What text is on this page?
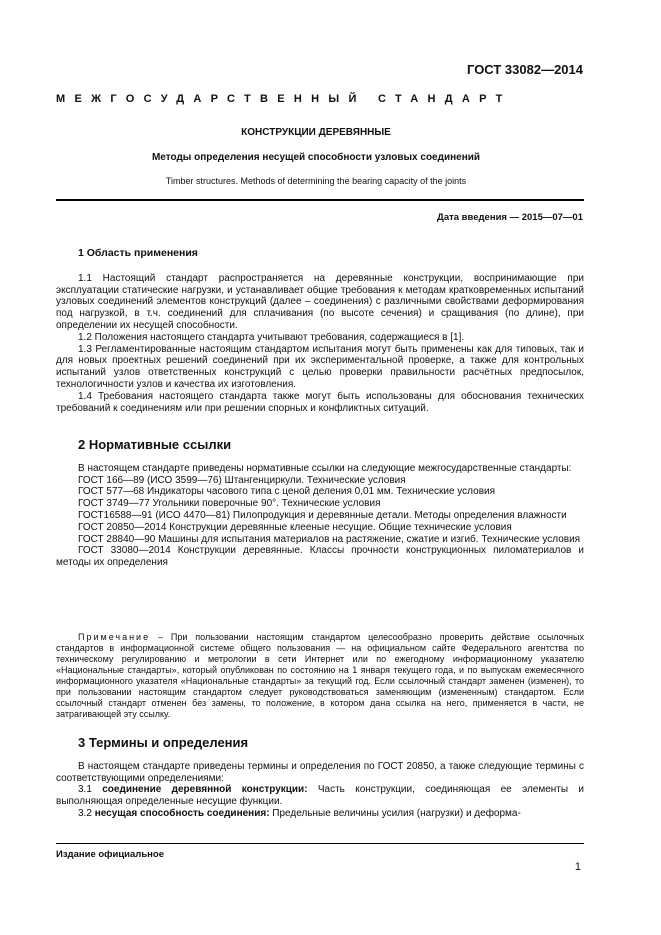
ГОСТ 33082—2014
МЕЖГОСУДАРСТВЕННЫЙ СТАНДАРТ
КОНСТРУКЦИИ ДЕРЕВЯННЫЕ
Методы определения несущей способности узловых соединений
Timber structures. Methods of determining the bearing capacity of the joints
Дата введения — 2015—07—01
1 Область применения

1.1 Настоящий стандарт распространяется на деревянные конструкции, воспринимающие при эксплуатации статические нагрузки, и устанавливает общие требования к методам кратковременных испытаний узловых соединений элементов конструкций (далее – соединения) с различными свойствами деформирования под нагрузкой, в т.ч. соединений для сплачивания (по высоте сечения) и сращивания (по длине), при определении их несущей способности.

1.2 Положения настоящего стандарта учитывают требования, содержащиеся в [1].

1.3 Регламентированные настоящим стандартом испытания могут быть применены как для типовых, так и для новых проектных решений соединений при их экспериментальной проверке, а также для контрольных испытаний узлов ответственных конструкций с целью проверки правильности расчётных предпосылок, технологичности узлов и качества их изготовления.

1.4 Требования настоящего стандарта также могут быть использованы для обоснования технических требований к соединениям или при решении спорных и конфликтных ситуаций.

2 Нормативные ссылки

В настоящем стандарте приведены нормативные ссылки на следующие межгосударственные стандарты:

ГОСТ 166—89 (ИСО 3599—76) Штангенциркули. Технические условия

ГОСТ 577—68 Индикаторы часового типа с ценой деления 0,01 мм. Технические условия

ГОСТ 3749—77 Угольники поверочные 90°. Технические условия

ГОСТ16588—91 (ИСО 4470—81) Пилопродукция и деревянные детали. Методы определения влажности

ГОСТ 20850—2014 Конструкции деревянные клееные несущие. Общие технические условия

ГОСТ 28840—90 Машины для испытания материалов на растяжение, сжатие и изгиб. Технические условия

ГОСТ 33080—2014 Конструкции деревянные. Классы прочности конструкционных пиломатериалов и методы их определения

Примечание – При пользовании настоящим стандартом целесообразно проверить действие ссылочных стандартов в информационной системе общего пользования — на официальном сайте Федерального агентства по техническому регулированию и метрологии в сети Интернет или по ежегодному информационному указателю «Национальные стандарты», который опубликован по состоянию на 1 января текущего года, и по выпускам ежемесячного информационного указателя «Национальные стандарты» за текущий год. Если ссылочный стандарт заменен (изменен), то при пользовании настоящим стандартом следует руководствоваться заменяющим (измененным) стандартом. Если ссылочный стандарт отменен без замены, то положение, в котором дана ссылка на него, применяется в части, не затрагивающей эту ссылку.

3 Термины и определения

В настоящем стандарте приведены термины и определения по ГОСТ 20850, а также следующие термины с соответствующими определениями:

3.1 соединение деревянной конструкции: Часть конструкции, соединяющая ее элементы и выполняющая определенные несущие функции.

3.2 несущая способность соединения: Предельные величины усилия (нагрузки) и деформа-

Издание официальное
1
